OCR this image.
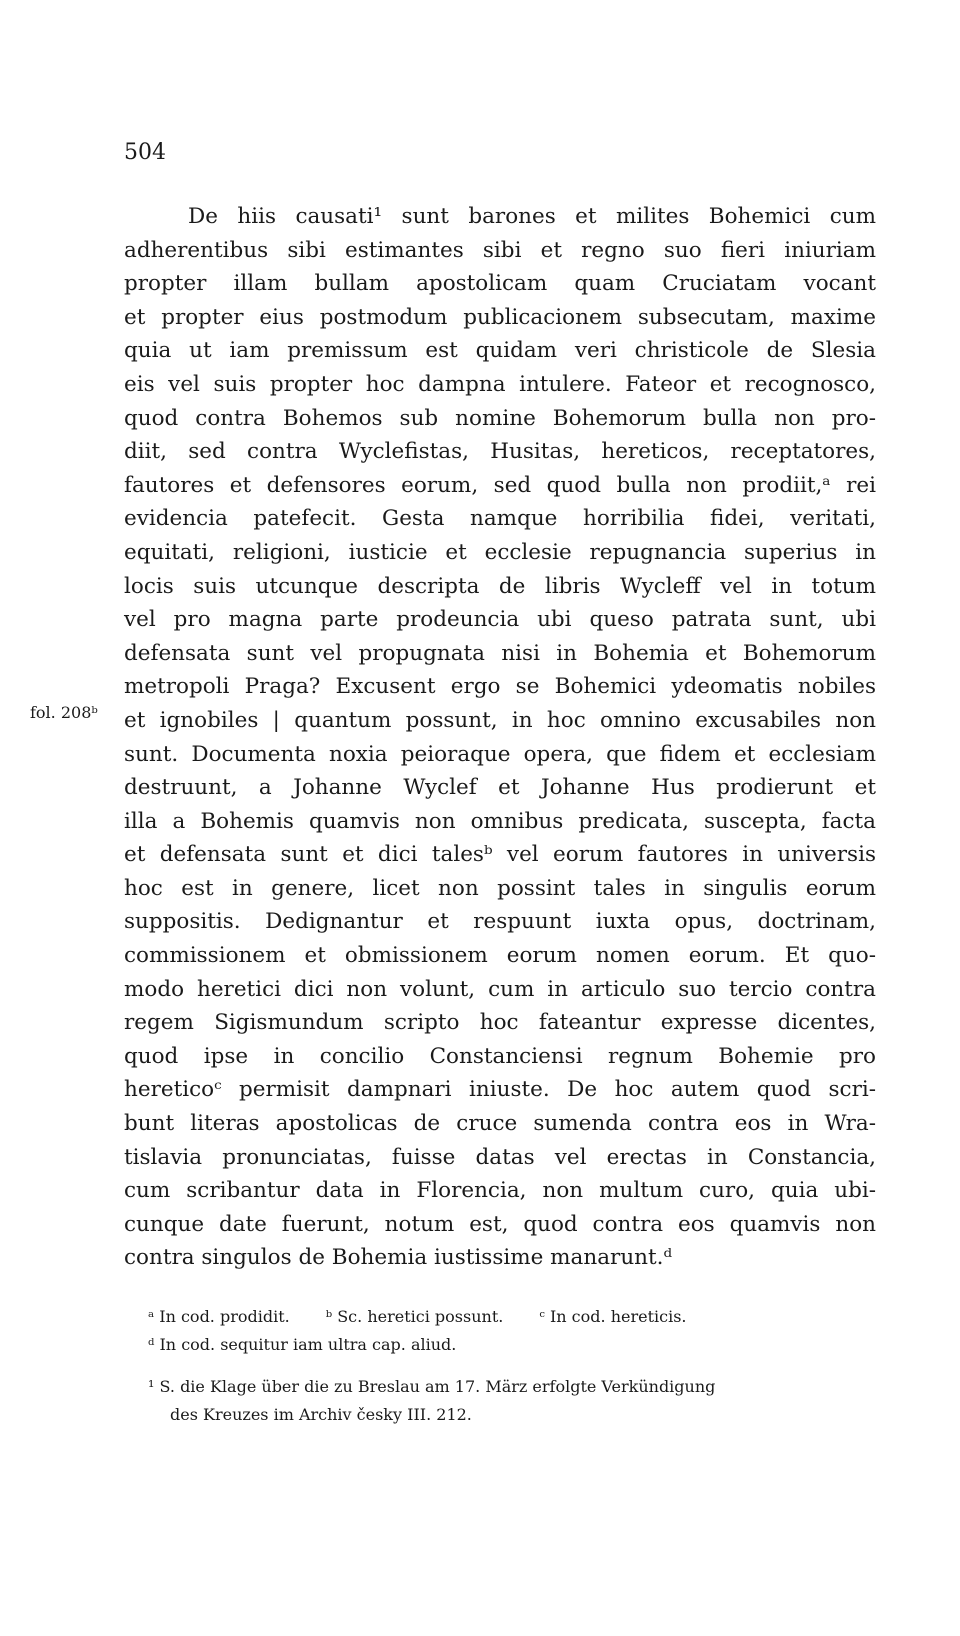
504
fol. 208ᵇ
De hiis causati¹ sunt barones et milites Bohemici cum
adherentibus sibi estimantes sibi et regno suo fieri iniuriam
propter illam bullam apostolicam quam Cruciatam vocant
et propter eius postmodum publicacionem subsecutam, maxime
quia ut iam premissum est quidam veri christicole de Slesia
eis vel suis propter hoc dampna intulere. Fateor et recognosco,
quod contra Bohemos sub nomine Bohemorum bulla non pro-
diit, sed contra Wyclefistas, Husitas, hereticos, receptatores,
fautores et defensores eorum, sed quod bulla non prodiit,ᵃ rei
evidencia patefecit. Gesta namque horribilia fidei, veritati,
equitati, religioni, iusticie et ecclesie repugnancia superius in
locis suis utcunque descripta de libris Wycleff vel in totum
vel pro magna parte prodeuncia ubi queso patrata sunt, ubi
defensata sunt vel propugnata nisi in Bohemia et Bohemorum
metropoli Praga? Excusent ergo se Bohemici ydeomatis nobiles
et ignobiles | quantum possunt, in hoc omnino excusabiles non
sunt. Documenta noxia peioraque opera, que fidem et ecclesiam
destruunt, a Johanne Wyclef et Johanne Hus prodierunt et
illa a Bohemis quamvis non omnibus predicata, suscepta, facta
et defensata sunt et dici talesᵇ vel eorum fautores in universis
hoc est in genere, licet non possint tales in singulis eorum
suppositis. Dedignantur et respuunt iuxta opus, doctrinam,
commissionem et obmissionem eorum nomen eorum. Et quo-
modo heretici dici non volunt, cum in articulo suo tercio contra
regem Sigismundum scripto hoc fateantur expresse dicentes,
quod ipse in concilio Constanciensi regnum Bohemie pro
hereticoᶜ permisit dampnari iniuste. De hoc autem quod scri-
bunt literas apostolicas de cruce sumenda contra eos in Wra-
tislavia pronunciatas, fuisse datas vel erectas in Constancia,
cum scribantur data in Florencia, non multum curo, quia ubi-
cunque date fuerunt, notum est, quod contra eos quamvis non
contra singulos de Bohemia iustissime manarunt.ᵈ
ᵃ In cod. prodidit. ᵇ Sc. heretici possunt. ᶜ In cod. hereticis.
ᵈ In cod. sequitur iam ultra cap. aliud.
¹ S. die Klage über die zu Breslau am 17. März erfolgte Verkündigung
des Kreuzes im Archiv česky III. 212.
